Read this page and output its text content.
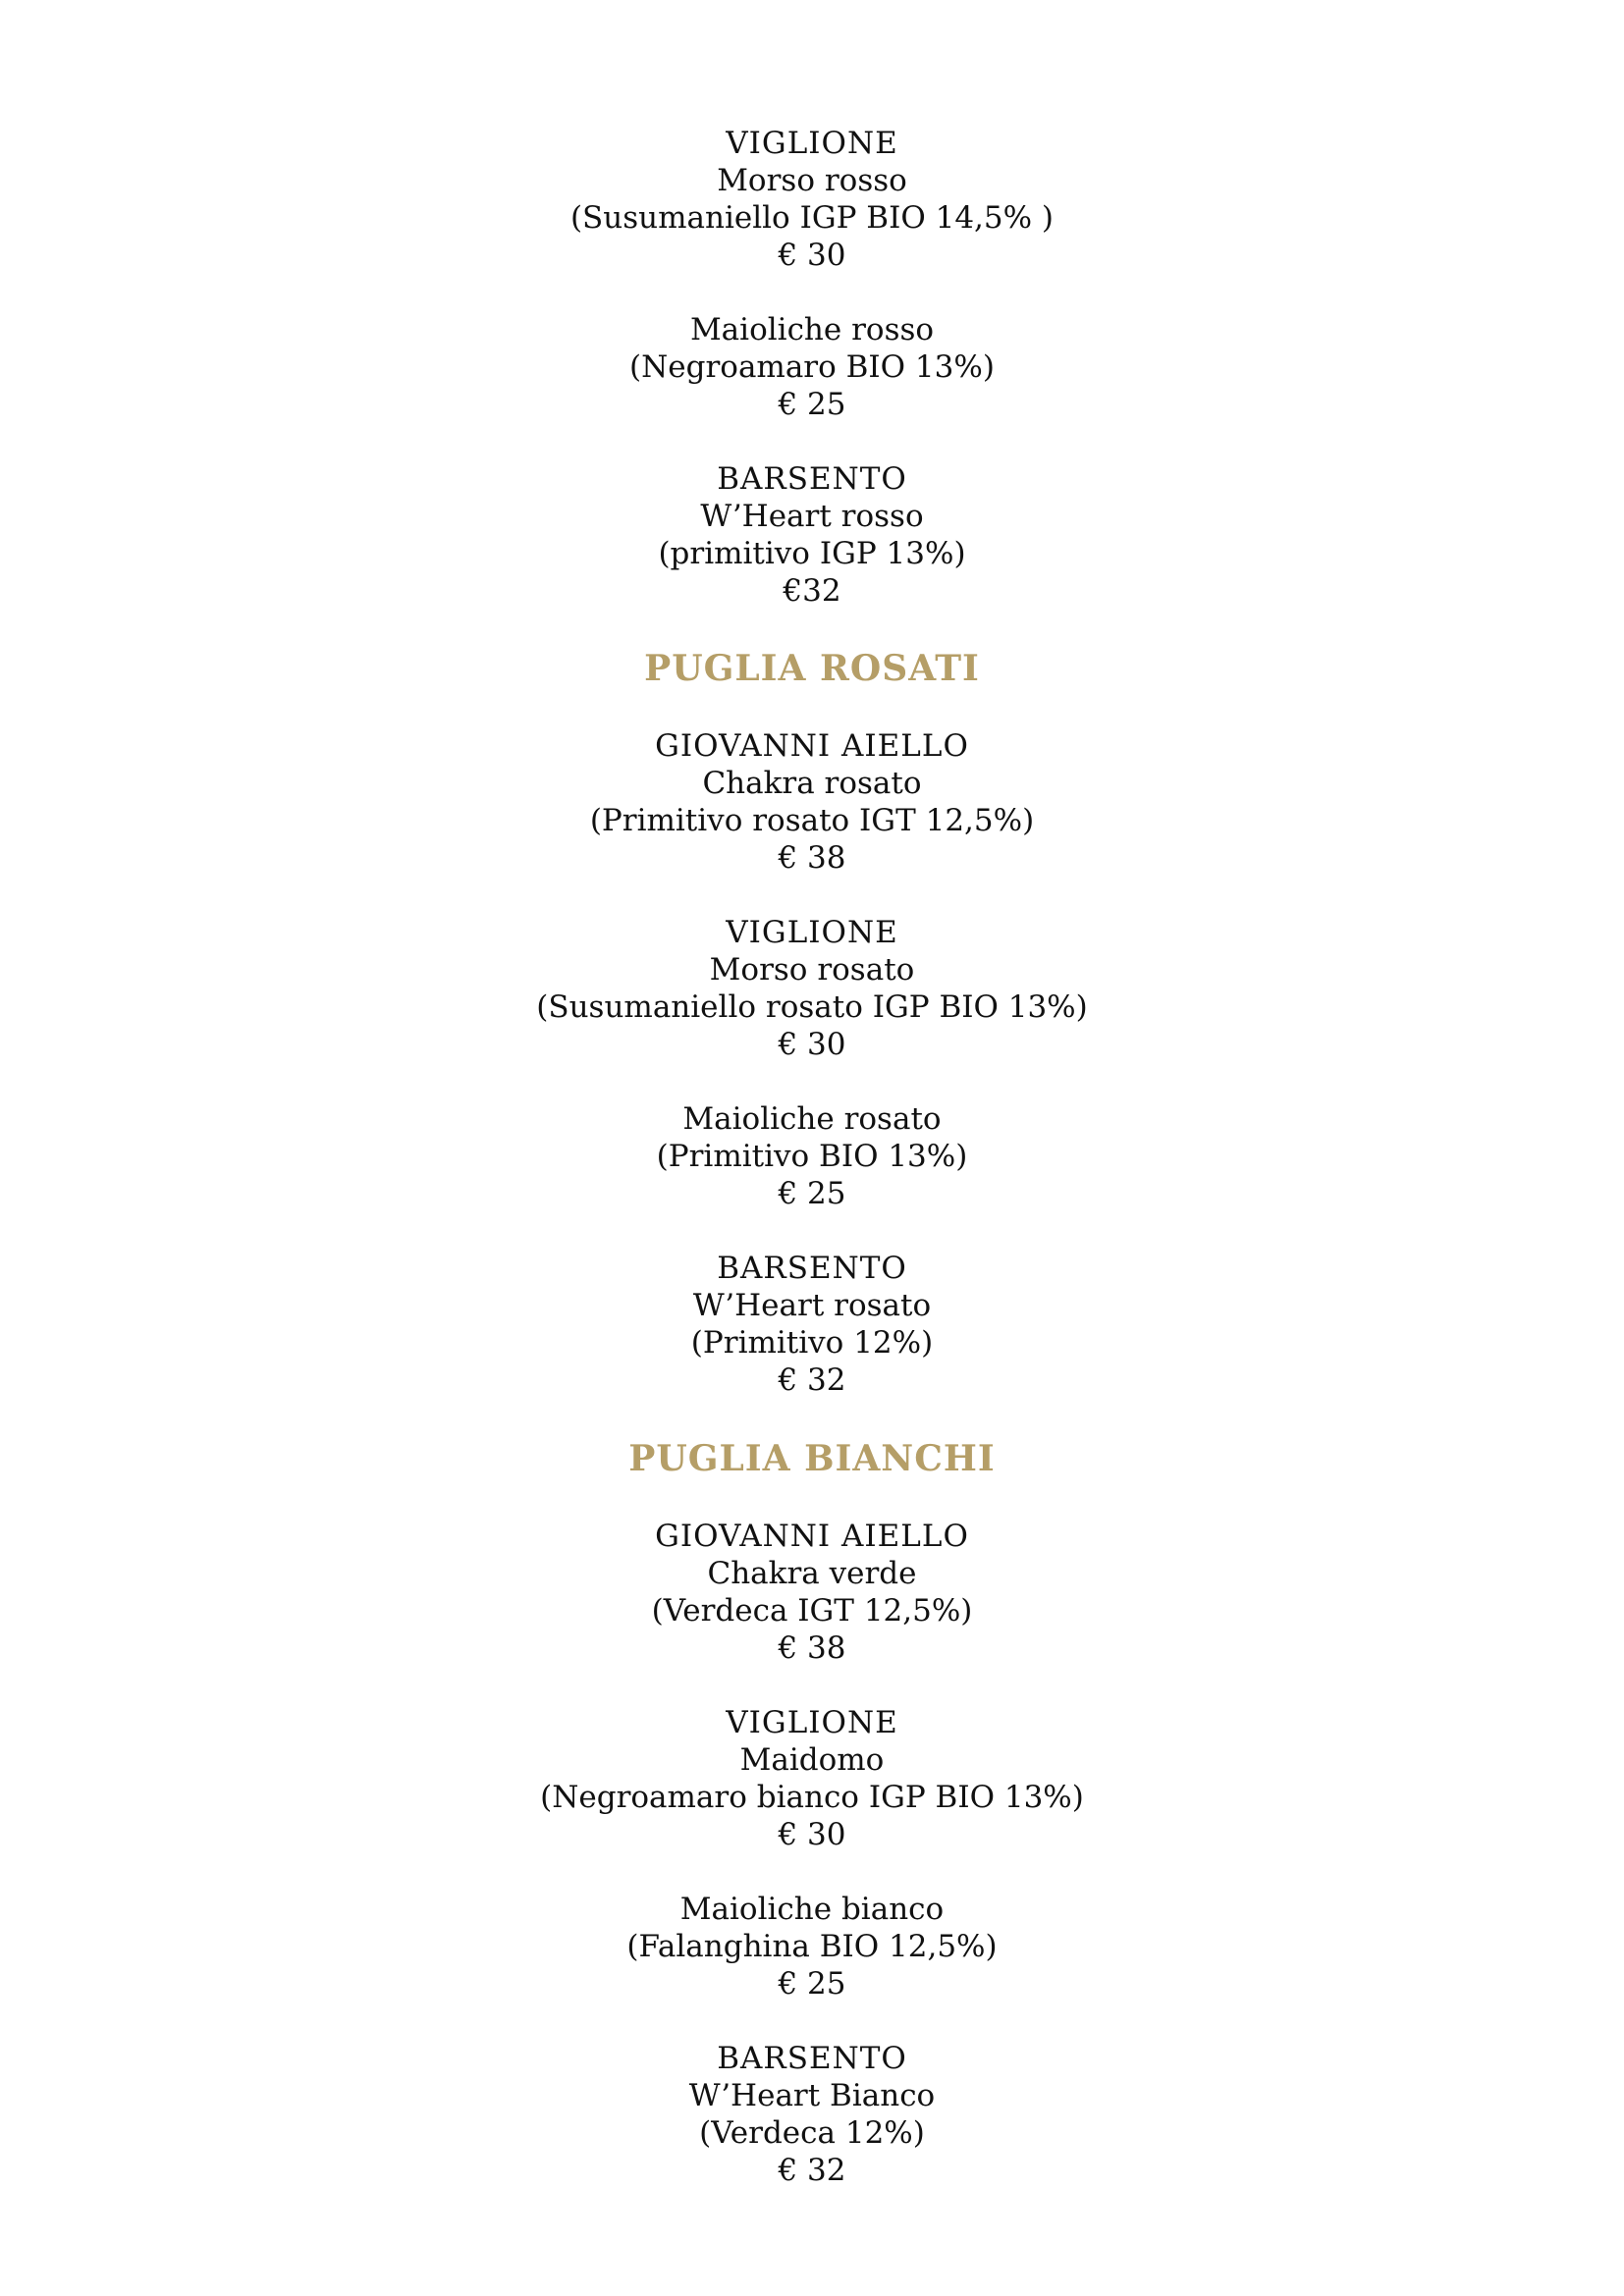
VIGLIONE
Morso rosso
(Susumaniello IGP BIO 14,5% )
€ 30
Maioliche rosso
(Negroamaro BIO 13%)
€ 25
BARSENTO
W’Heart rosso
(primitivo IGP 13%)
€32
PUGLIA ROSATI
GIOVANNI AIELLO
Chakra rosato
(Primitivo rosato IGT 12,5%)
€ 38
VIGLIONE
Morso rosato
(Susumaniello rosato IGP BIO 13%)
€ 30
Maioliche rosato
(Primitivo BIO 13%)
€ 25
BARSENTO
W’Heart rosato
(Primitivo 12%)
€ 32
PUGLIA BIANCHI
GIOVANNI AIELLO
Chakra verde
(Verdeca IGT 12,5%)
€ 38
VIGLIONE
Maidomo
(Negroamaro bianco IGP BIO 13%)
€ 30
Maioliche bianco
(Falanghina BIO 12,5%)
€ 25
BARSENTO
W’Heart Bianco
(Verdeca 12%)
€ 32
